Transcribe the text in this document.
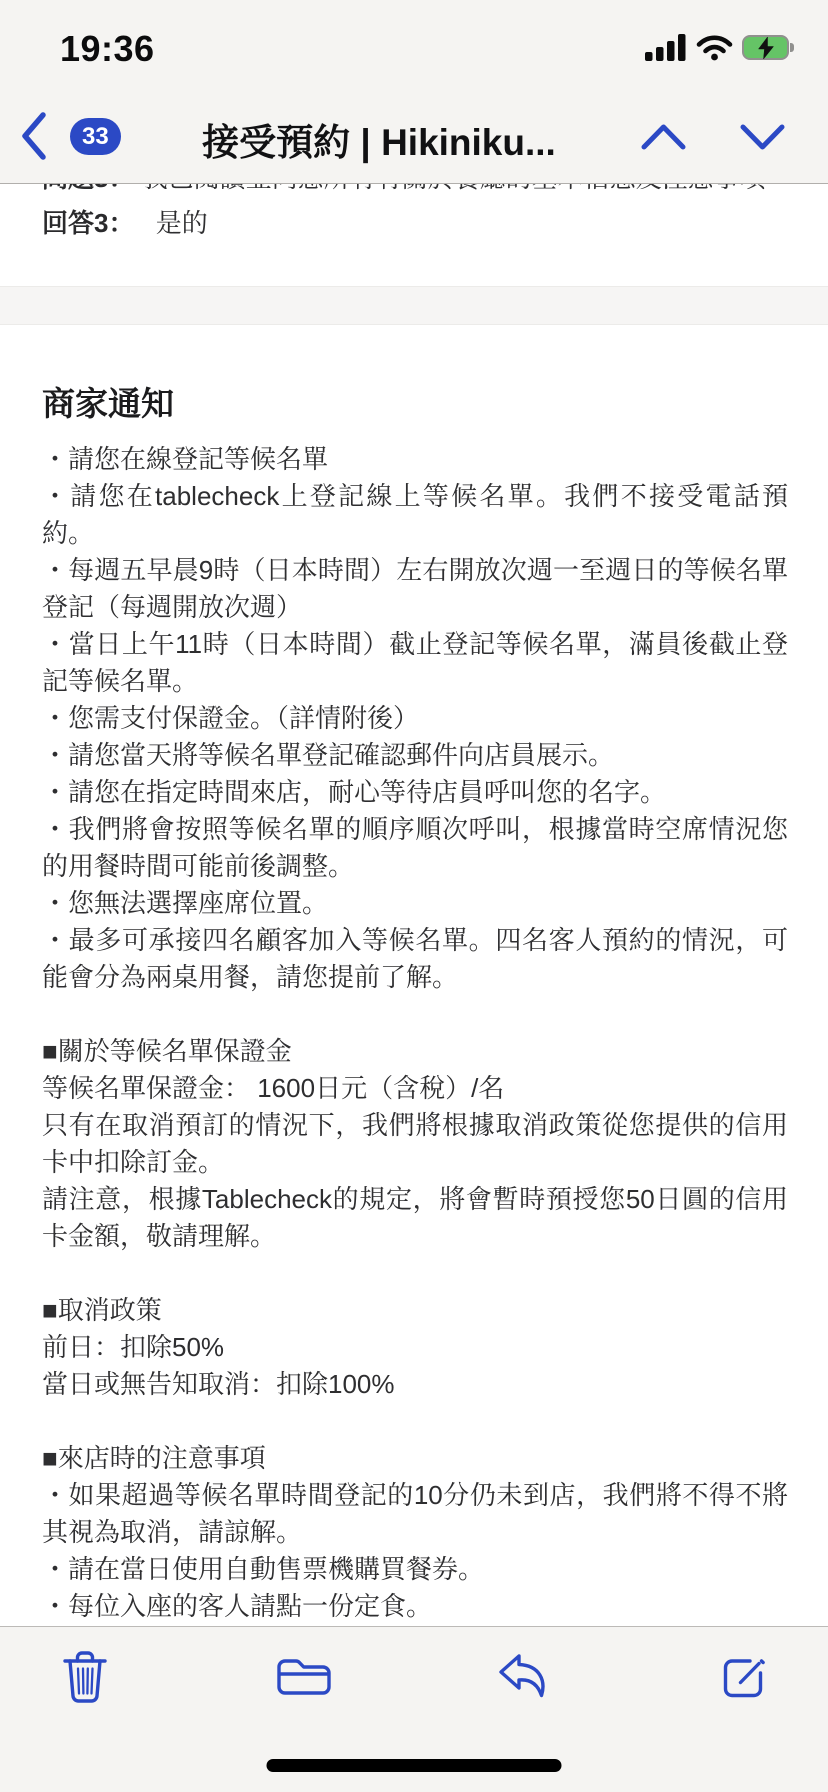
19:36
33	接受預約 | Hikiniku...

回答3： 是的

商家通知

・請您在線登記等候名單

・請您在tablecheck上登記線上等候名單。我們不接受電話預約。

・每週五早晨9時（日本時間）左右開放次週一至週日的等候名單登記（每週開放次週）

・當日上午11時（日本時間）截止登記等候名單，滿員後截止登記等候名單。

・您需支付保證金。（詳情附後）

・請您當天將等候名單登記確認郵件向店員展示。

・請您在指定時間來店，耐心等待店員呼叫您的名字。

・我們將會按照等候名單的順序順次呼叫，根據當時空席情況您的用餐時間可能前後調整。

・您無法選擇座席位置。

・最多可承接四名顧客加入等候名單。四名客人預約的情況，可能會分為兩桌用餐，請您提前了解。

■關於等候名單保證金

等候名單保證金： 1600日元（含稅）/名

只有在取消預訂的情況下，我們將根據取消政策從您提供的信用卡中扣除訂金。

請注意，根據Tablecheck的規定，將會暫時預授您50日圓的信用卡金額，敬請理解。

■取消政策

前日：扣除50%

當日或無告知取消：扣除100%

■來店時的注意事項

・如果超過等候名單時間登記的10分仍未到店，我們將不得不將其視為取消，請諒解。

・請在當日使用自動售票機購買餐券。

・每位入座的客人請點一份定食。
